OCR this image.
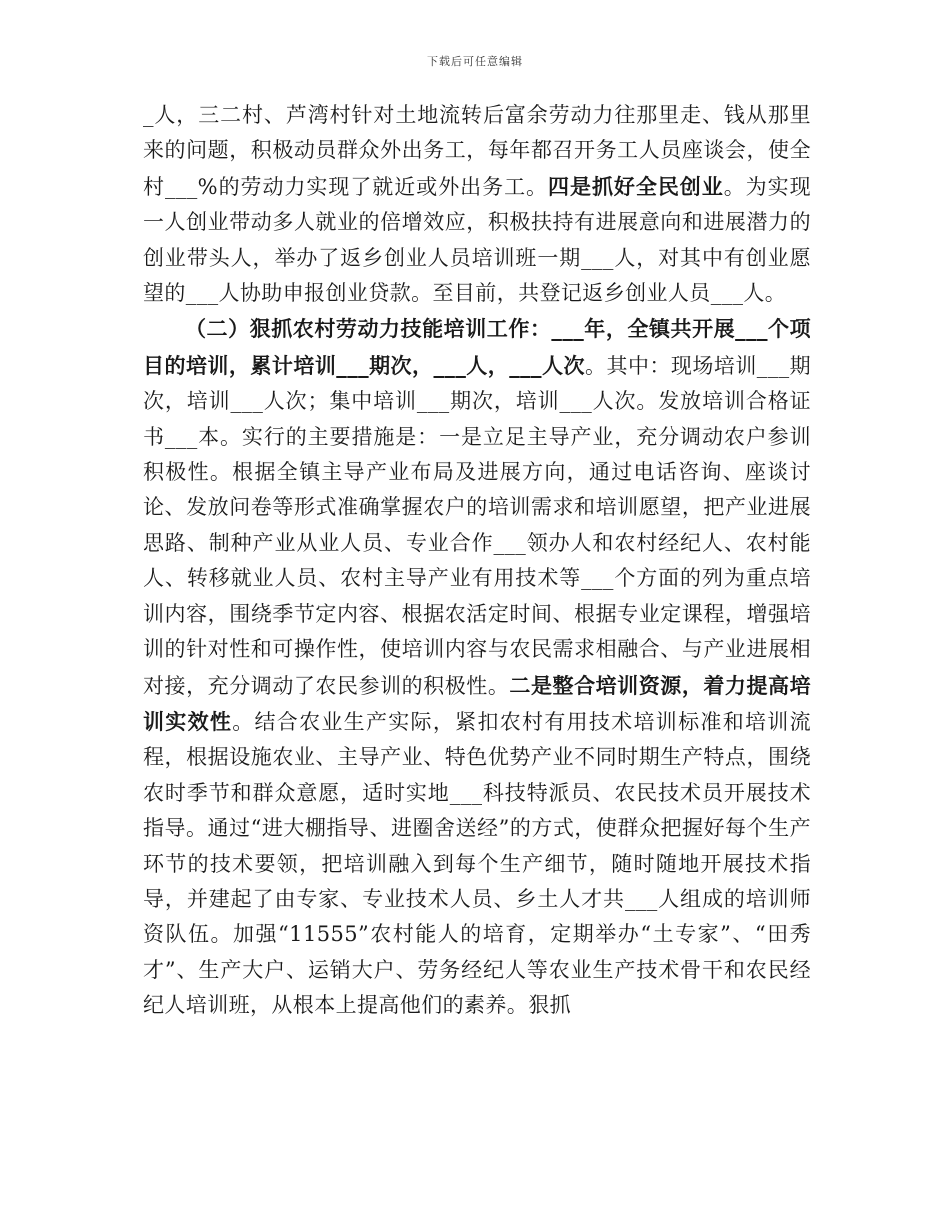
下载后可任意编辑

_人，三二村、芦湾村针对土地流转后富余劳动力往那里走、钱从那里来的问题，积极动员群众外出务工，每年都召开务工人员座谈会，使全村___%的劳动力实现了就近或外出务工。四是抓好全民创业。为实现一人创业带动多人就业的倍增效应，积极扶持有进展意向和进展潜力的创业带头人，举办了返乡创业人员培训班一期___人，对其中有创业愿望的___人协助申报创业贷款。至目前，共登记返乡创业人员___人。

（二）狠抓农村劳动力技能培训工作：___年，全镇共开展___个项目的培训，累计培训___期次，___人，___人次。其中：现场培训___期次，培训___人次；集中培训___期次，培训___人次。发放培训合格证书___本。实行的主要措施是：一是立足主导产业，充分调动农户参训积极性。根据全镇主导产业布局及进展方向，通过电话咨询、座谈讨论、发放问卷等形式准确掌握农户的培训需求和培训愿望，把产业进展思路、制种产业从业人员、专业合作___领办人和农村经纪人、农村能人、转移就业人员、农村主导产业有用技术等___个方面的列为重点培训内容，围绕季节定内容、根据农活定时间、根据专业定课程，增强培训的针对性和可操作性，使培训内容与农民需求相融合、与产业进展相对接，充分调动了农民参训的积极性。二是整合培训资源，着力提高培训实效性。结合农业生产实际，紧扣农村有用技术培训标准和培训流程，根据设施农业、主导产业、特色优势产业不同时期生产特点，围绕农时季节和群众意愿，适时实地___科技特派员、农民技术员开展技术指导。通过“进大棚指导、进圈舍送经”的方式，使群众把握好每个生产环节的技术要领，把培训融入到每个生产细节，随时随地开展技术指导，并建起了由专家、专业技术人员、乡土人才共___人组成的培训师资队伍。加强“11555”农村能人的培育，定期举办“土专家”、“田秀才”、生产大户、运销大户、劳务经纪人等农业生产技术骨干和农民经纪人培训班，从根本上提高他们的素养。狠抓
